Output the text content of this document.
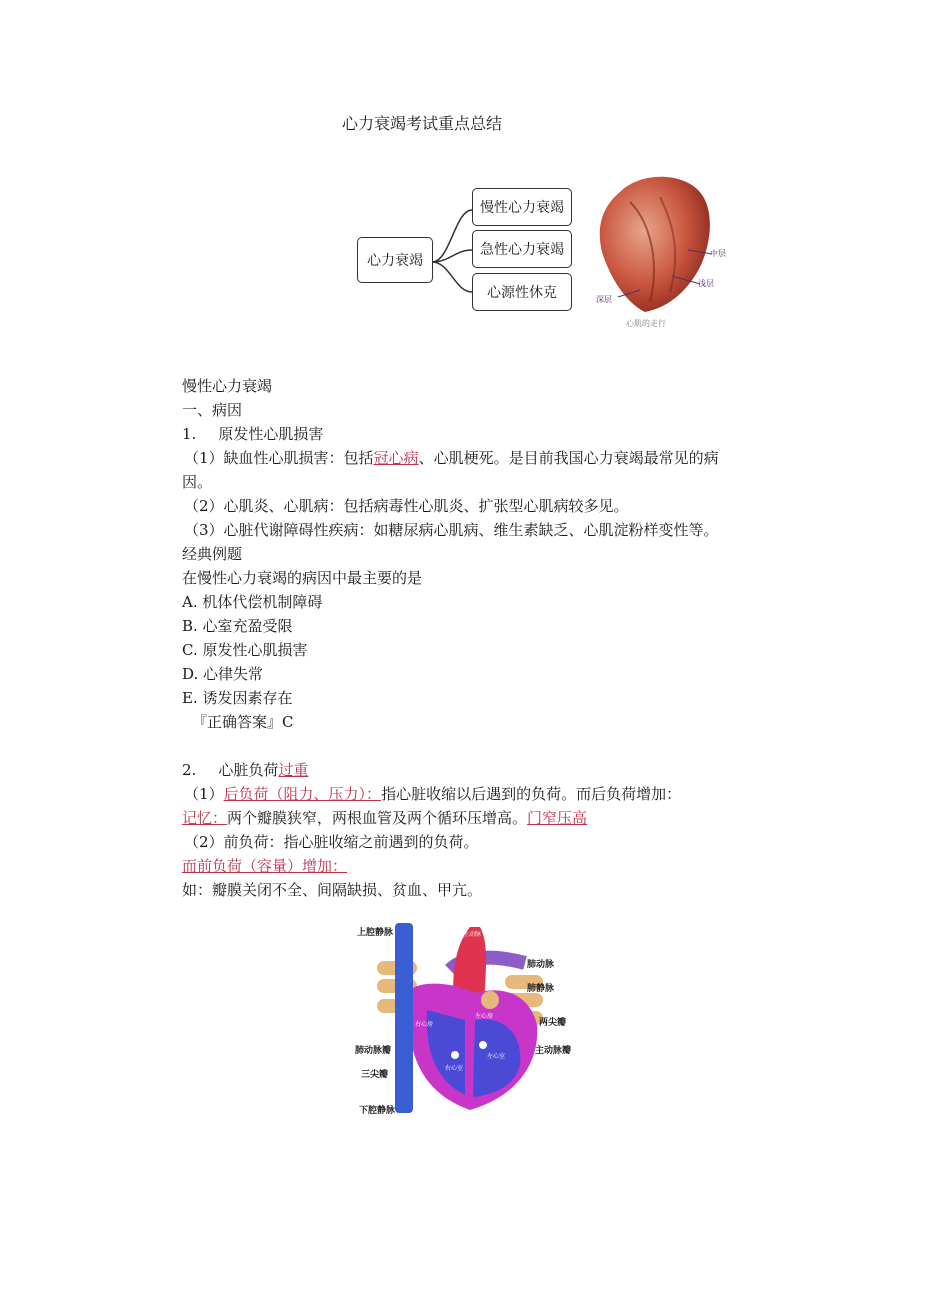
心力衰竭考试重点总结
心力衰竭
慢性心力衰竭
急性心力衰竭
心源性休克
中层
浅层
深层
心肌的走行
慢性心力衰竭
一、病因
1. 原发性心肌损害
（1）缺血性心肌损害：包括冠心病、心肌梗死。是目前我国心力衰竭最常见的病
因。
（2）心肌炎、心肌病：包括病毒性心肌炎、扩张型心肌病较多见。
（3）心脏代谢障碍性疾病：如糖尿病心肌病、维生素缺乏、心肌淀粉样变性等。
经典例题
在慢性心力衰竭的病因中最主要的是
A. 机体代偿机制障碍
B. 心室充盈受限
C. 原发性心肌损害
D. 心律失常
E. 诱发因素存在
『正确答案』C
2. 心脏负荷过重
（1）后负荷（阻力、压力）：指心脏收缩以后遇到的负荷。而后负荷增加：
记忆：两个瓣膜狭窄，两根血管及两个循环压增高。门窄压高
（2）前负荷：指心脏收缩之前遇到的负荷。
而前负荷（容量）增加：
如：瓣膜关闭不全、间隔缺损、贫血、甲亢。
上腔静脉
肺动脉瓣
三尖瓣
下腔静脉
肺动脉
肺静脉
两尖瓣
主动脉瓣
主动脉
右心房
左心房
右心室
左心室
